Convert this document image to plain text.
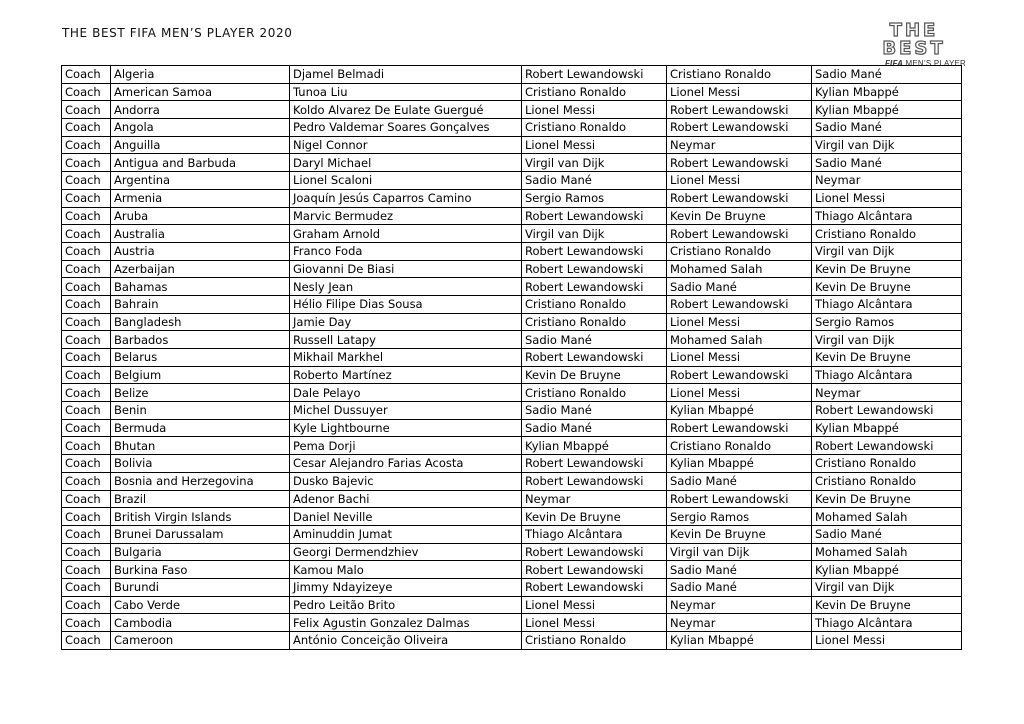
THE BEST FIFA MEN’S PLAYER 2020	THE BEST
FIFA MEN’S PLAYER
Coach	Algeria	Djamel Belmadi	Robert Lewandowski	Cristiano Ronaldo	Sadio Mané
Coach	American Samoa	Tunoa Liu	Cristiano Ronaldo	Lionel Messi	Kylian Mbappé
Coach	Andorra	Koldo Alvarez De Eulate Guergué	Lionel Messi	Robert Lewandowski	Kylian Mbappé
Coach	Angola	Pedro Valdemar Soares Gonçalves	Cristiano Ronaldo	Robert Lewandowski	Sadio Mané
Coach	Anguilla	Nigel Connor	Lionel Messi	Neymar	Virgil van Dijk
Coach	Antigua and Barbuda	Daryl Michael	Virgil van Dijk	Robert Lewandowski	Sadio Mané
Coach	Argentina	Lionel Scaloni	Sadio Mané	Lionel Messi	Neymar
Coach	Armenia	Joaquín Jesús Caparros Camino	Sergio Ramos	Robert Lewandowski	Lionel Messi
Coach	Aruba	Marvic Bermudez	Robert Lewandowski	Kevin De Bruyne	Thiago Alcântara
Coach	Australia	Graham Arnold	Virgil van Dijk	Robert Lewandowski	Cristiano Ronaldo
Coach	Austria	Franco Foda	Robert Lewandowski	Cristiano Ronaldo	Virgil van Dijk
Coach	Azerbaijan	Giovanni De Biasi	Robert Lewandowski	Mohamed Salah	Kevin De Bruyne
Coach	Bahamas	Nesly Jean	Robert Lewandowski	Sadio Mané	Kevin De Bruyne
Coach	Bahrain	Hélio Filipe Dias Sousa	Cristiano Ronaldo	Robert Lewandowski	Thiago Alcântara
Coach	Bangladesh	Jamie Day	Cristiano Ronaldo	Lionel Messi	Sergio Ramos
Coach	Barbados	Russell Latapy	Sadio Mané	Mohamed Salah	Virgil van Dijk
Coach	Belarus	Mikhail Markhel	Robert Lewandowski	Lionel Messi	Kevin De Bruyne
Coach	Belgium	Roberto Martínez	Kevin De Bruyne	Robert Lewandowski	Thiago Alcântara
Coach	Belize	Dale Pelayo	Cristiano Ronaldo	Lionel Messi	Neymar
Coach	Benin	Michel Dussuyer	Sadio Mané	Kylian Mbappé	Robert Lewandowski
Coach	Bermuda	Kyle Lightbourne	Sadio Mané	Robert Lewandowski	Kylian Mbappé
Coach	Bhutan	Pema Dorji	Kylian Mbappé	Cristiano Ronaldo	Robert Lewandowski
Coach	Bolivia	Cesar Alejandro Farias Acosta	Robert Lewandowski	Kylian Mbappé	Cristiano Ronaldo
Coach	Bosnia and Herzegovina	Dusko Bajevic	Robert Lewandowski	Sadio Mané	Cristiano Ronaldo
Coach	Brazil	Adenor Bachi	Neymar	Robert Lewandowski	Kevin De Bruyne
Coach	British Virgin Islands	Daniel Neville	Kevin De Bruyne	Sergio Ramos	Mohamed Salah
Coach	Brunei Darussalam	Aminuddin Jumat	Thiago Alcântara	Kevin De Bruyne	Sadio Mané
Coach	Bulgaria	Georgi Dermendzhiev	Robert Lewandowski	Virgil van Dijk	Mohamed Salah
Coach	Burkina Faso	Kamou Malo	Robert Lewandowski	Sadio Mané	Kylian Mbappé
Coach	Burundi	Jimmy Ndayizeye	Robert Lewandowski	Sadio Mané	Virgil van Dijk
Coach	Cabo Verde	Pedro Leitão Brito	Lionel Messi	Neymar	Kevin De Bruyne
Coach	Cambodia	Felix Agustin Gonzalez Dalmas	Lionel Messi	Neymar	Thiago Alcântara
Coach	Cameroon	António Conceição Oliveira	Cristiano Ronaldo	Kylian Mbappé	Lionel Messi
